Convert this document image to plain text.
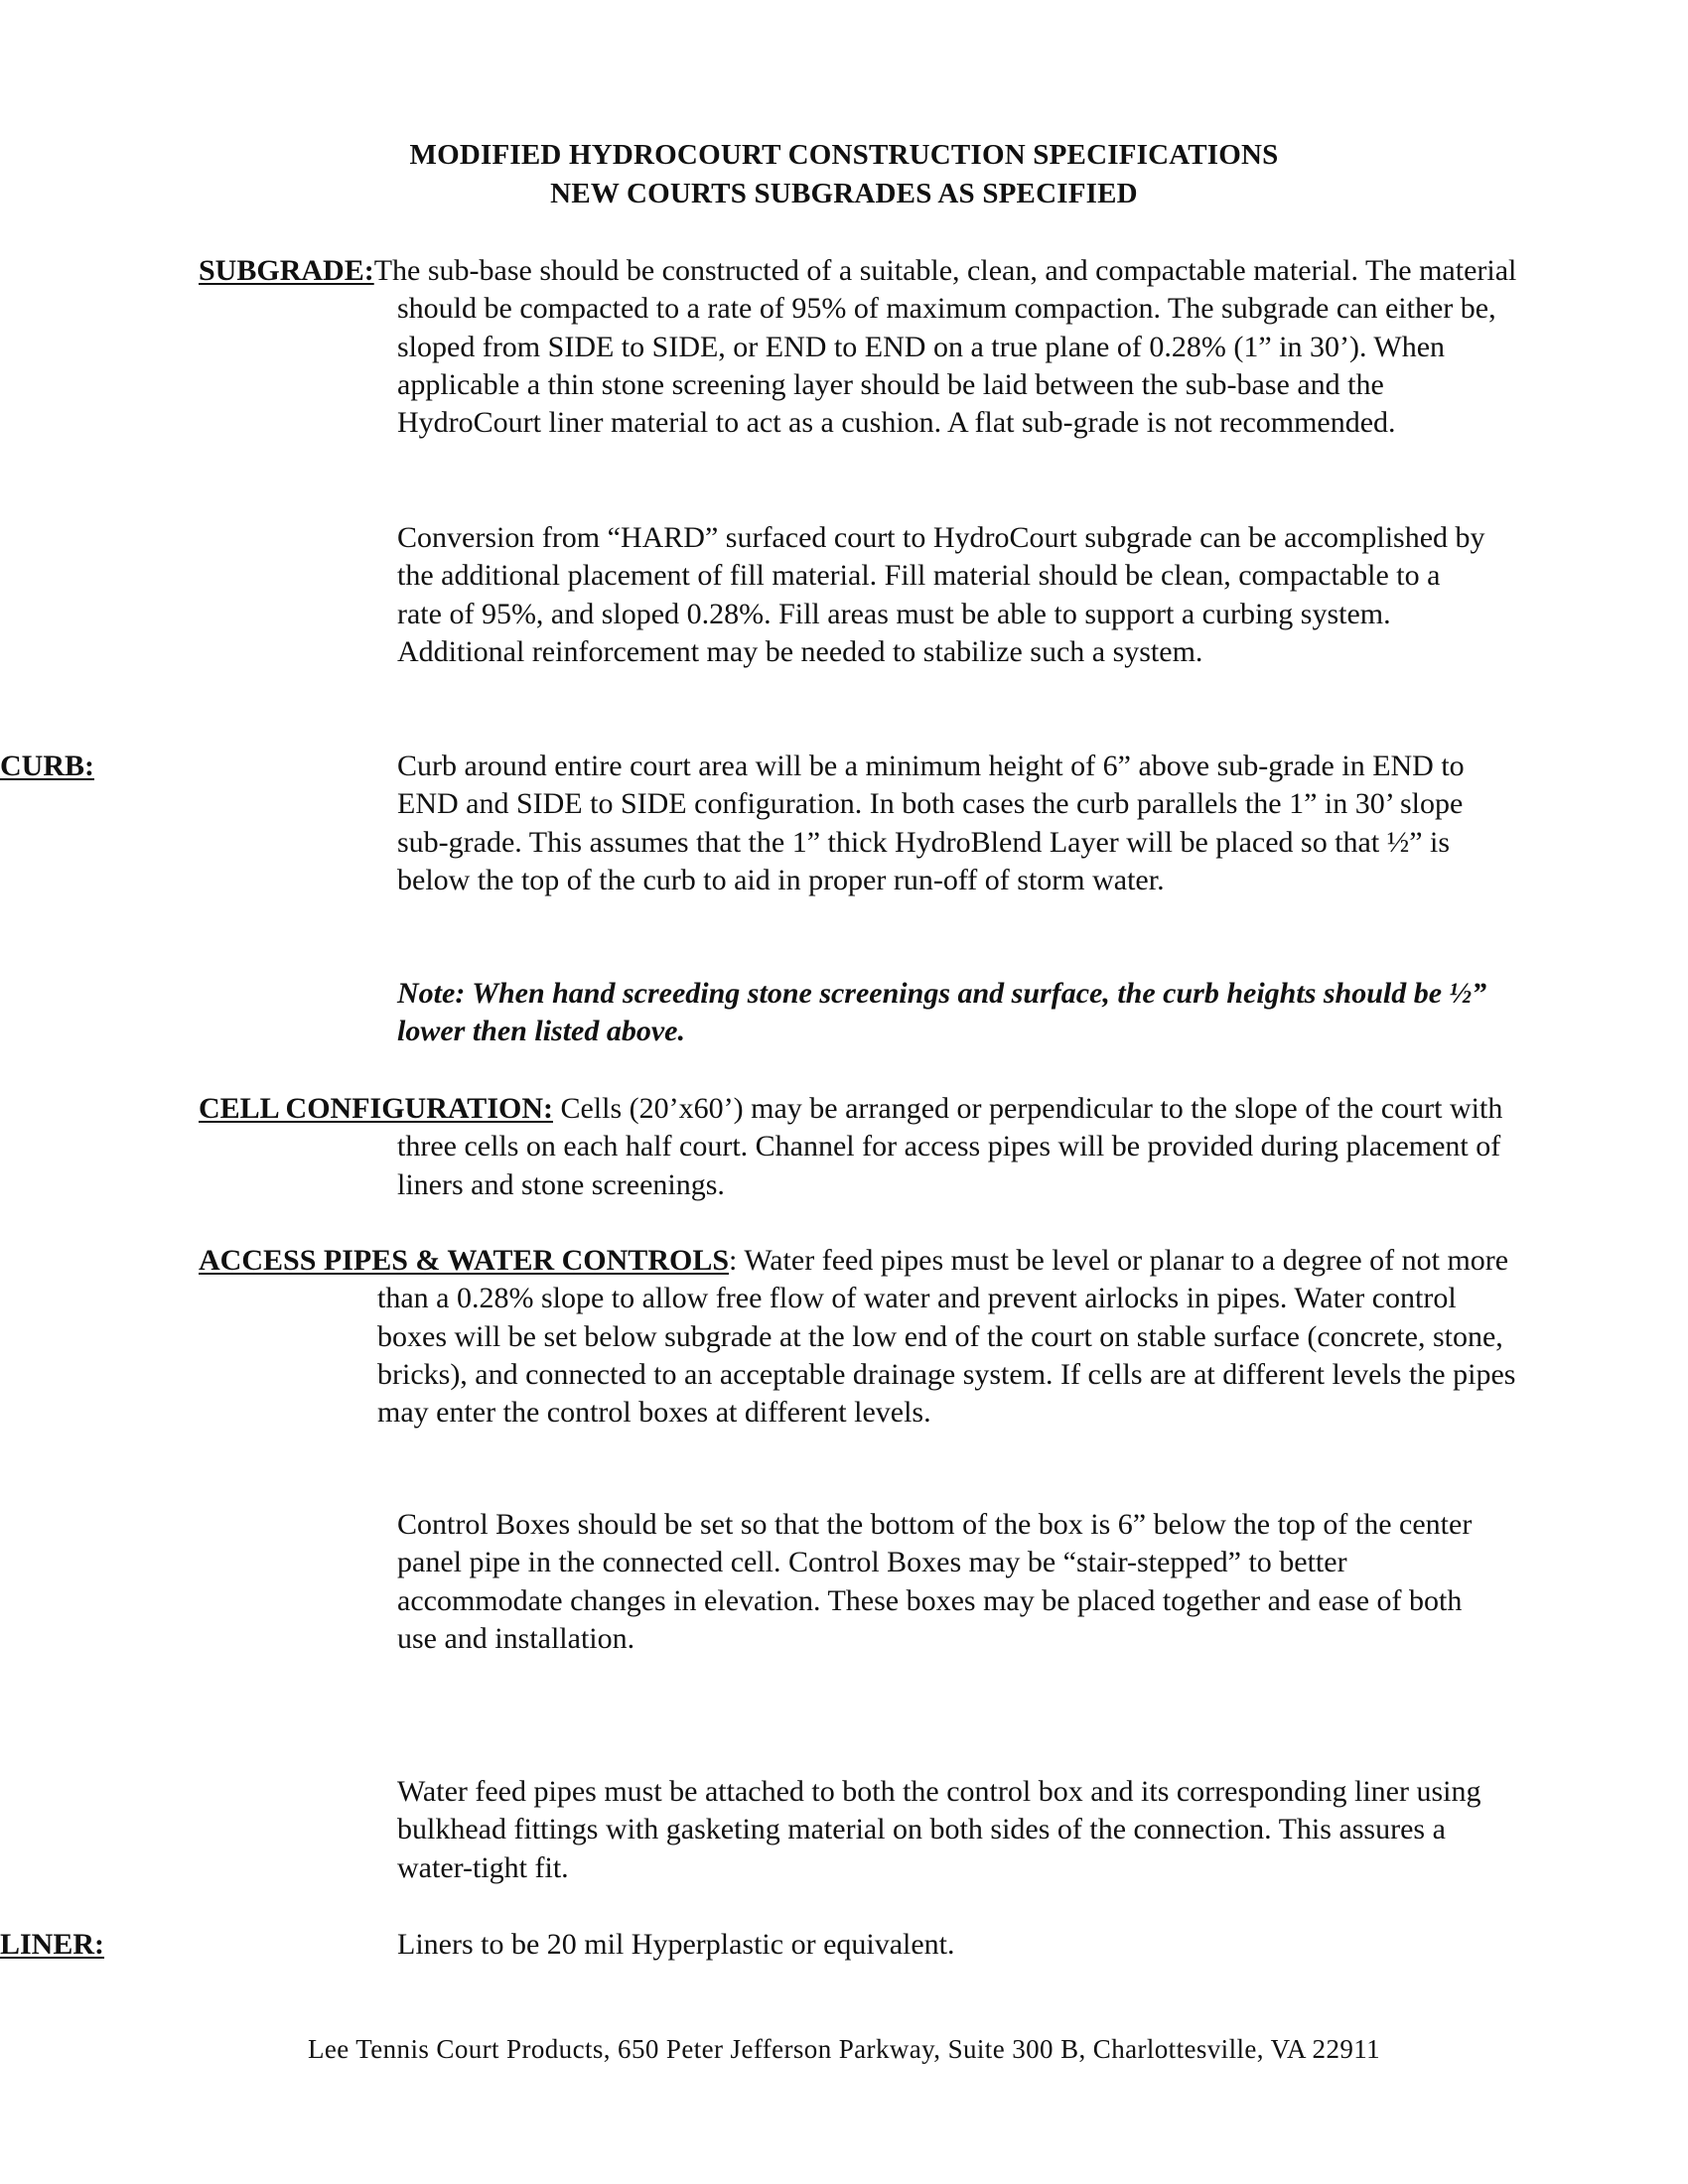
MODIFIED HYDROCOURT CONSTRUCTION SPECIFICATIONS
NEW COURTS SUBGRADES AS SPECIFIED

SUBGRADE:The sub-base should be constructed of a suitable, clean, and compactable material. The material should be compacted to a rate of 95% of maximum compaction. The subgrade can either be, sloped from SIDE to SIDE, or END to END on a true plane of 0.28% (1” in 30’). When applicable a thin stone screening layer should be laid between the sub-base and the HydroCourt liner material to act as a cushion. A flat sub-grade is not recommended.

Conversion from “HARD” surfaced court to HydroCourt subgrade can be accomplished by the additional placement of fill material. Fill material should be clean, compactable to a rate of 95%, and sloped 0.28%. Fill areas must be able to support a curbing system. Additional reinforcement may be needed to stabilize such a system.

CURB:	Curb around entire court area will be a minimum height of 6” above sub-grade in END to END and SIDE to SIDE configuration. In both cases the curb parallels the 1” in 30’ slope sub-grade. This assumes that the 1” thick HydroBlend Layer will be placed so that ½” is below the top of the curb to aid in proper run-off of storm water.

Note: When hand screeding stone screenings and surface, the curb heights should be ½” lower then listed above.

CELL CONFIGURATION: Cells (20’x60’) may be arranged or perpendicular to the slope of the court with three cells on each half court. Channel for access pipes will be provided during placement of liners and stone screenings.

ACCESS PIPES & WATER CONTROLS: Water feed pipes must be level or planar to a degree of not more than a 0.28% slope to allow free flow of water and prevent airlocks in pipes. Water control boxes will be set below subgrade at the low end of the court on stable surface (concrete, stone, bricks), and connected to an acceptable drainage system. If cells are at different levels the pipes may enter the control boxes at different levels.

Control Boxes should be set so that the bottom of the box is 6” below the top of the center panel pipe in the connected cell. Control Boxes may be “stair-stepped” to better accommodate changes in elevation. These boxes may be placed together and ease of both use and installation.

Water feed pipes must be attached to both the control box and its corresponding liner using bulkhead fittings with gasketing material on both sides of the connection. This assures a water-tight fit.

LINER:	Liners to be 20 mil Hyperplastic or equivalent.

Lee Tennis Court Products, 650 Peter Jefferson Parkway, Suite 300 B, Charlottesville, VA 22911
